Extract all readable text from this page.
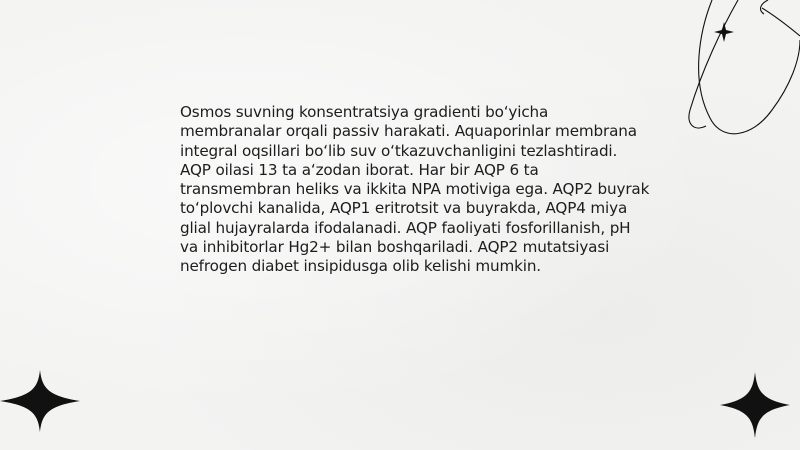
Osmos suvning konsentratsiya gradienti boʻyicha membranalar orqali passiv harakati. Aquaporinlar membrana integral oqsillari boʻlib suv oʻtkazuvchanligini tezlashtiradi. AQP oilasi 13 ta aʻzodan iborat. Har bir AQP 6 ta transmembran heliks va ikkita NPA motiviga ega. AQP2 buyrak toʻplovchi kanalida, AQP1 eritrotsit va buyrakda, AQP4 miya glial hujayralarda ifodalanadi. AQP faoliyati fosforillanish, pH va inhibitorlar Hg2+ bilan boshqariladi. AQP2 mutatsiyasi nefrogen diabet insipidusga olib kelishi mumkin.
